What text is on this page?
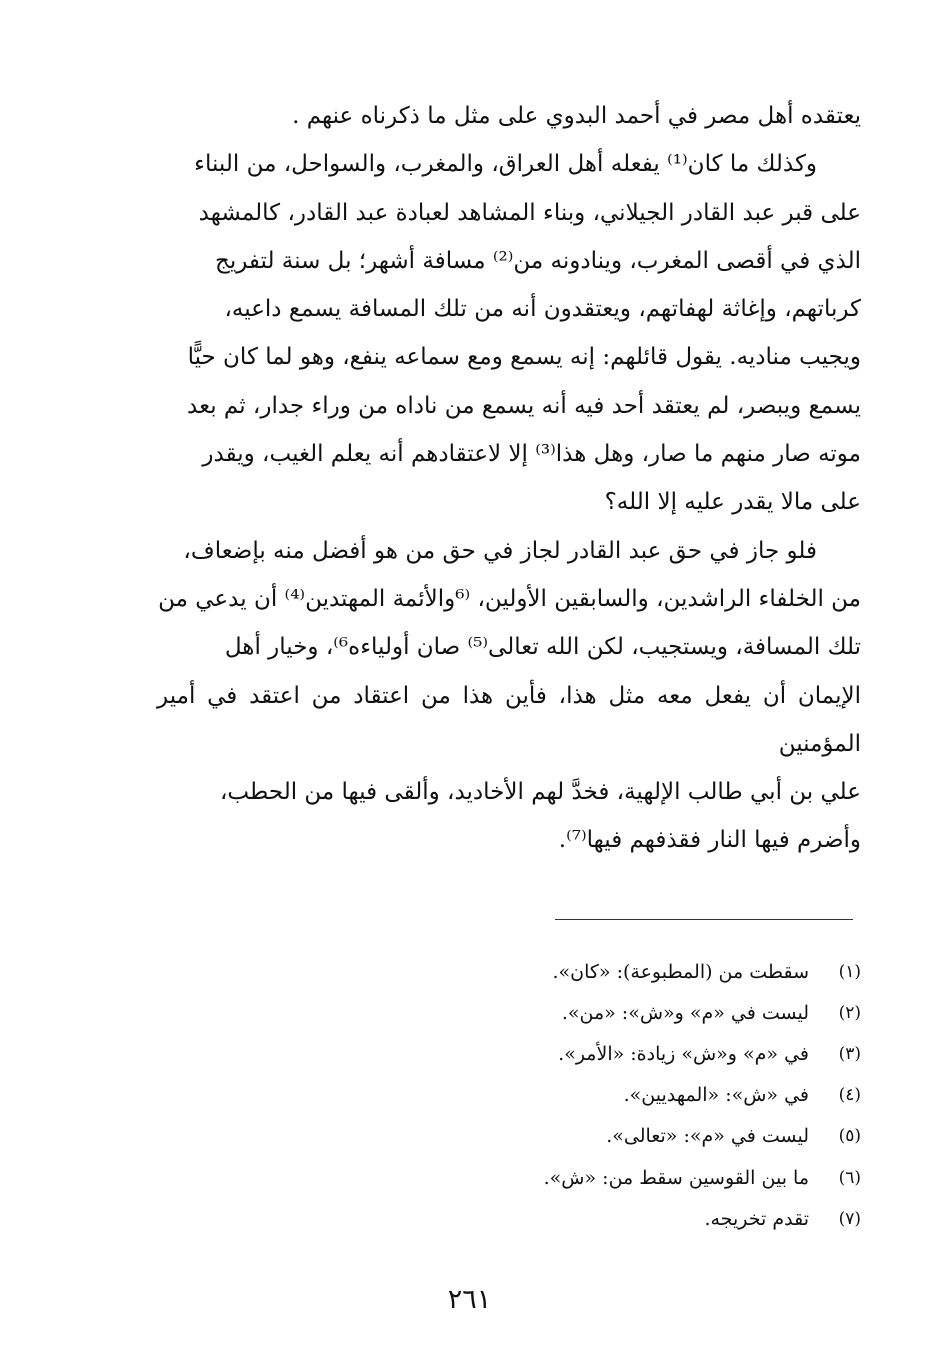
يعتقده أهل مصر في أحمد البدوي على مثل ما ذكرناه عنهم .

وكذلك ما كان⁽¹⁾ يفعله أهل العراق، والمغرب، والسواحل، من البناء

على قبر عبد القادر الجيلاني، وبناء المشاهد لعبادة عبد القادر، كالمشهد

الذي في أقصى المغرب، وينادونه من⁽²⁾ مسافة أشهر؛ بل سنة لتفريج

كرباتهم، وإغاثة لهفاتهم، ويعتقدون أنه من تلك المسافة يسمع داعيه،

ويجيب مناديه. يقول قائلهم: إنه يسمع ومع سماعه ينفع، وهو لما كان حيًّا

يسمع ويبصر، لم يعتقد أحد فيه أنه يسمع من ناداه من وراء جدار، ثم بعد

موته صار منهم ما صار، وهل هذا⁽³⁾ إلا لاعتقادهم أنه يعلم الغيب، ويقدر

على مالا يقدر عليه إلا الله؟

فلو جاز في حق عبد القادر لجاز في حق من هو أفضل منه بإضعاف،

من الخلفاء الراشدين، والسابقين الأولين، ⁽⁶والأئمة المهتدين⁽⁴⁾ أن يدعي من

تلك المسافة، ويستجيب، لكن الله تعالى⁽⁵⁾ صان أولياءه⁶⁾، وخيار أهل

الإيمان أن يفعل معه مثل هذا، فأين هذا من اعتقاد من اعتقد في أمير المؤمنين

علي بن أبي طالب الإلهية، فخدَّ لهم الأخاديد، وألقى فيها من الحطب،

وأضرم فيها النار فقذفهم فيها⁽⁷⁾.

(١)
سقطت من (المطبوعة): «كان».
(٢)
ليست في «م» و«ش»: «من».
(٣)
في «م» و«ش» زيادة: «الأمر».
(٤)
في «ش»: «المهديين».
(٥)
ليست في «م»: «تعالى».
(٦)
ما بين القوسين سقط من: «ش».
(٧)
تقدم تخريجه.
٢٦١
